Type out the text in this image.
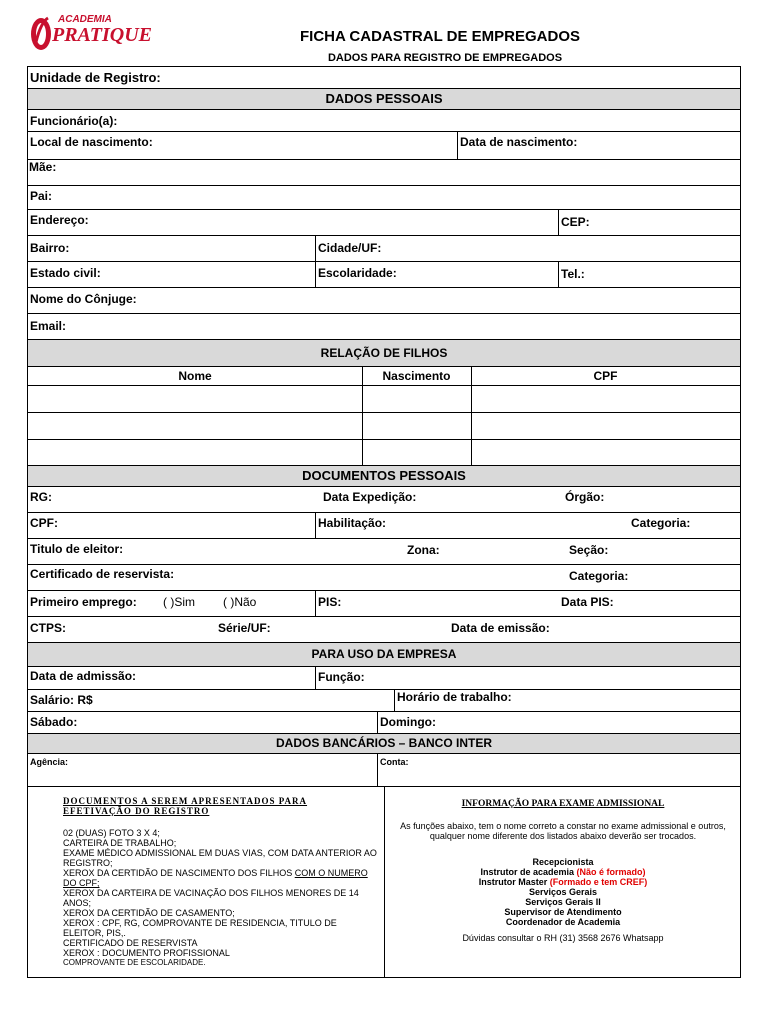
ACADEMIA
PRATIQUE	FICHA CADASTRAL DE EMPREGADOS
DADOS PARA REGISTRO DE EMPREGADOS
Unidade de Registro:
DADOS PESSOAIS
Funcionário(a):
Local de nascimento:	Data de nascimento:
Mãe:
Pai:
Endereço:	CEP:
Bairro:	Cidade/UF:
Estado civil:	Escolaridade:	Tel.:
Nome do Cônjuge:
Email:
RELAÇÃO DE FILHOS
Nome	Nascimento	CPF
DOCUMENTOS PESSOAIS
RG:	Data Expedição:	Órgão:
CPF:	Habilitação:	Categoria:
Titulo de eleitor:	Zona:	Seção:
Certificado de reservista:	Categoria:
Primeiro emprego: ( )Sim ( )Não	PIS:	Data PIS:
CTPS:	Série/UF:	Data de emissão:
PARA USO DA EMPRESA
Data de admissão:	Função:
Salário: R$	Horário de trabalho:
Sábado:	Domingo:
DADOS BANCÁRIOS – BANCO INTER
Agência:	Conta:
DOCUMENTOS A SEREM APRESENTADOS PARA
EFETIVAÇÃO DO REGISTRO
02 (DUAS) FOTO 3 X 4;
CARTEIRA DE TRABALHO;
EXAME MÉDICO ADMISSIONAL EM DUAS VIAS, COM DATA ANTERIOR AO
REGISTRO;
XEROX DA CERTIDÃO DE NASCIMENTO DOS FILHOS COM O NUMERO
DO CPF;
XEROX DA CARTEIRA DE VACINAÇÃO DOS FILHOS MENORES DE 14
ANOS;
XEROX DA CERTIDÃO DE CASAMENTO;
XEROX : CPF, RG, COMPROVANTE DE RESIDENCIA, TITULO DE
ELEITOR, PIS,.
CERTIFICADO DE RESERVISTA
XEROX : DOCUMENTO PROFISSIONAL
COMPROVANTE DE ESCOLARIDADE.
INFORMAÇÃO PARA EXAME ADMISSIONAL
As funções abaixo, tem o nome correto a constar no exame admissional e outros,
qualquer nome diferente dos listados abaixo deverão ser trocados.
Recepcionista
Instrutor de academia (Não é formado)
Instrutor Master (Formado e tem CREF)
Serviços Gerais
Serviços Gerais II
Supervisor de Atendimento
Coordenador de Academia
Dúvidas consultar o RH (31) 3568 2676 Whatsapp
